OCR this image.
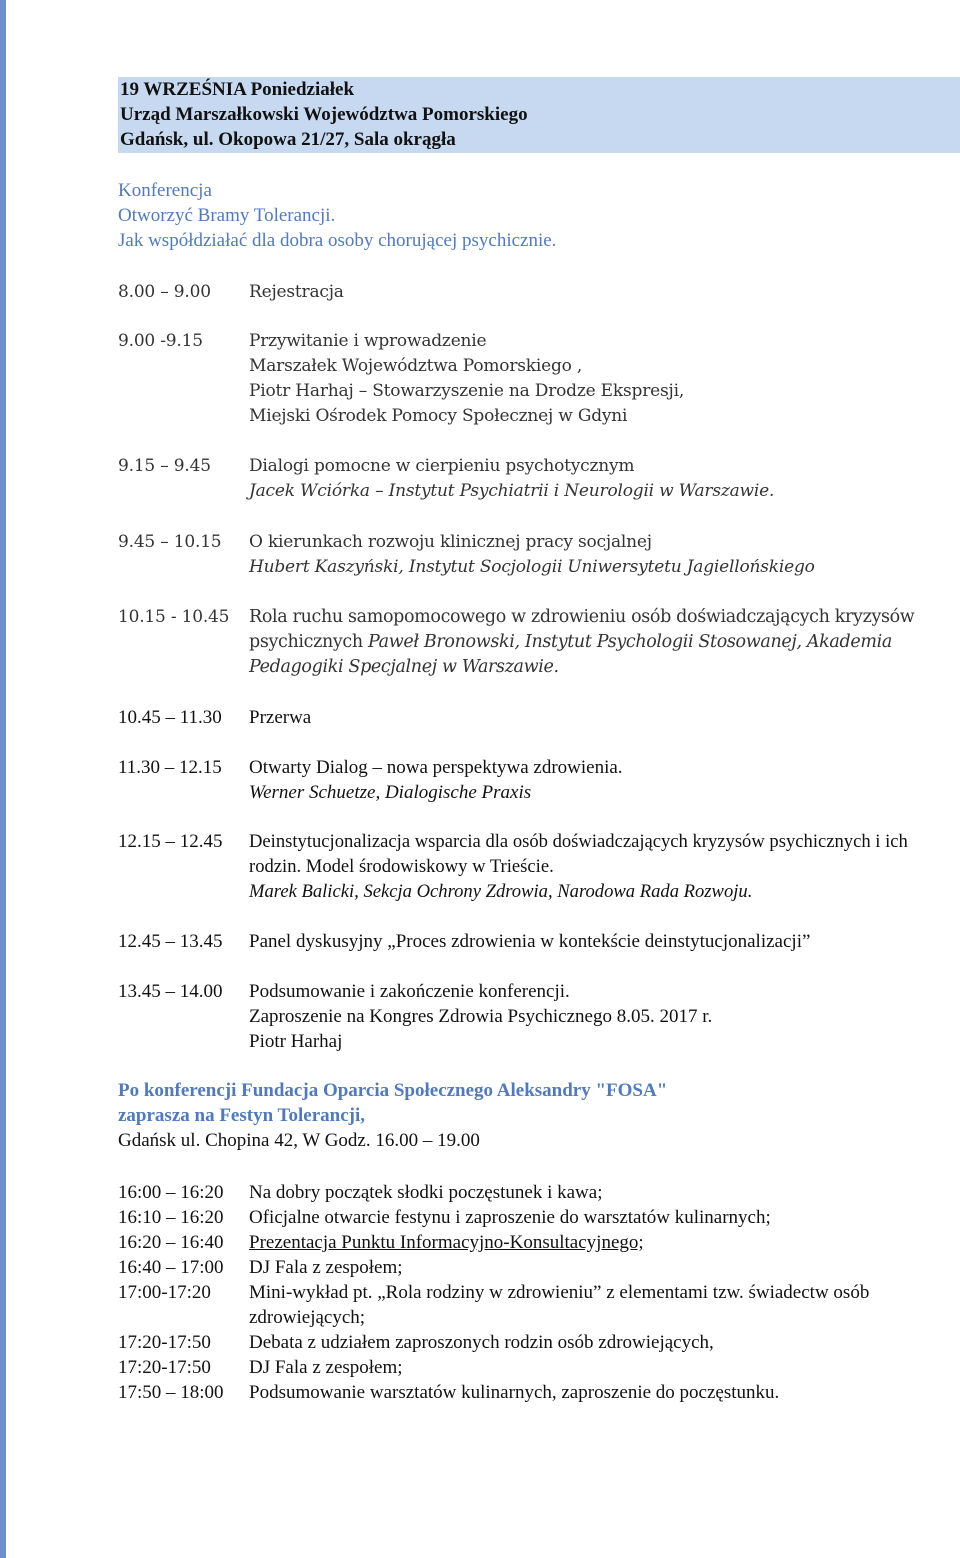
19 WRZEŚNIA Poniedziałek
Urząd Marszałkowski Województwa Pomorskiego
Gdańsk, ul. Okopowa 21/27, Sala okrągła
Konferencja
Otworzyć Bramy Tolerancji.
Jak współdziałać dla dobra osoby chorującej psychicznie.
8.00 – 9.00	Rejestracja
9.00 -9.15	Przywitanie i wprowadzenie
Marszałek Województwa Pomorskiego ,
Piotr Harhaj – Stowarzyszenie na Drodze Ekspresji,
Miejski Ośrodek Pomocy Społecznej w Gdyni
9.15 – 9.45	Dialogi pomocne w cierpieniu psychotycznym
Jacek Wciórka – Instytut Psychiatrii i Neurologii w Warszawie.
9.45 – 10.15	O kierunkach rozwoju klinicznej pracy socjalnej
Hubert Kaszyński, Instytut Socjologii Uniwersytetu Jagiellońskiego
10.15 - 10.45	Rola ruchu samopomocowego w zdrowieniu osób doświadczających kryzysów psychicznych Paweł Bronowski, Instytut Psychologii Stosowanej, Akademia Pedagogiki Specjalnej w Warszawie.
10.45 – 11.30	Przerwa
11.30 – 12.15	Otwarty Dialog – nowa perspektywa zdrowienia.
Werner Schuetze, Dialogische Praxis
12.15 – 12.45	Deinstytucjonalizacja wsparcia dla osób doświadczających kryzysów psychicznych i ich rodzin. Model środowiskowy w Trieście.
Marek Balicki, Sekcja Ochrony Zdrowia, Narodowa Rada Rozwoju.
12.45 – 13.45	Panel dyskusyjny „Proces zdrowienia w kontekście deinstytucjonalizacji”
13.45 – 14.00	Podsumowanie i zakończenie konferencji.
Zaproszenie na Kongres Zdrowia Psychicznego 8.05. 2017 r.
Piotr Harhaj
Po konferencji Fundacja Oparcia Społecznego Aleksandry "FOSA"
zaprasza na Festyn Tolerancji,
Gdańsk ul. Chopina 42, W Godz. 16.00 – 19.00
16:00 – 16:20	Na dobry początek słodki poczęstunek i kawa;
16:10 – 16:20	Oficjalne otwarcie festynu i zaproszenie do warsztatów kulinarnych;
16:20 – 16:40	Prezentacja Punktu Informacyjno-Konsultacyjnego;
16:40 – 17:00	DJ Fala z zespołem;
17:00-17:20	Mini-wykład pt. „Rola rodziny w zdrowieniu” z elementami tzw. świadectw osób zdrowiejących;
17:20-17:50	Debata z udziałem zaproszonych rodzin osób zdrowiejących,
17:20-17:50	DJ Fala z zespołem;
17:50 – 18:00	Podsumowanie warsztatów kulinarnych, zaproszenie do poczęstunku.
